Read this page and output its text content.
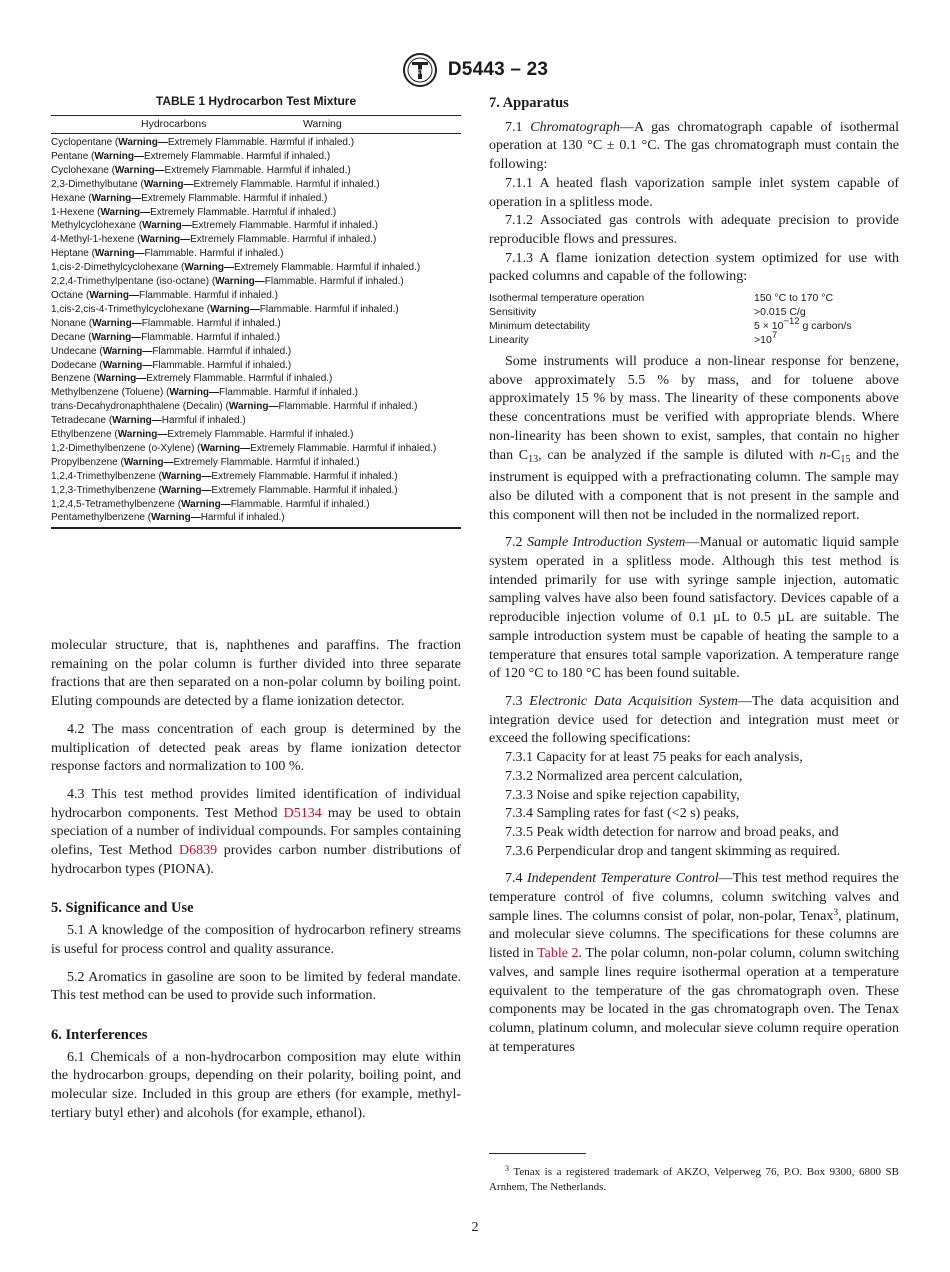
ASTM D5443 – 23
TABLE 1 Hydrocarbon Test Mixture
Hydrocarbons	Warning
Cyclopentane (Warning—Extremely Flammable. Harmful if inhaled.)
Pentane (Warning—Extremely Flammable. Harmful if inhaled.)
Cyclohexane (Warning—Extremely Flammable. Harmful if inhaled.)
2,3-Dimethylbutane (Warning—Extremely Flammable. Harmful if inhaled.)
Hexane (Warning—Extremely Flammable. Harmful if inhaled.)
1-Hexene (Warning—Extremely Flammable. Harmful if inhaled.)
Methylcyclohexane (Warning—Extremely Flammable. Harmful if inhaled.)
4-Methyl-1-hexene (Warning—Extremely Flammable. Harmful if inhaled.)
Heptane (Warning—Flammable. Harmful if inhaled.)
1,cis-2-Dimethylcyclohexane (Warning—Extremely Flammable. Harmful if inhaled.)
2,2,4-Trimethylpentane (iso-octane) (Warning—Flammable. Harmful if inhaled.)
Octane (Warning—Flammable. Harmful if inhaled.)
1,cis-2,cis-4-Trimethylcyclohexane (Warning—Flammable. Harmful if inhaled.)
Nonane (Warning—Flammable. Harmful if inhaled.)
Decane (Warning—Flammable. Harmful if inhaled.)
Undecane (Warning—Flammable. Harmful if inhaled.)
Dodecane (Warning—Flammable. Harmful if inhaled.)
Benzene (Warning—Extremely Flammable. Harmful if inhaled.)
Methylbenzene (Toluene) (Warning—Flammable. Harmful if inhaled.)
trans-Decahydronaphthalene (Decalin) (Warning—Flammable. Harmful if inhaled.)
Tetradecane (Warning—Harmful if inhaled.)
Ethylbenzene (Warning—Extremely Flammable. Harmful if inhaled.)
1,2-Dimethylbenzene (o-Xylene) (Warning—Extremely Flammable. Harmful if inhaled.)
Propylbenzene (Warning—Extremely Flammable. Harmful if inhaled.)
1,2,4-Trimethylbenzene (Warning—Extremely Flammable. Harmful if inhaled.)
1,2,3-Trimethylbenzene (Warning—Extremely Flammable. Harmful if inhaled.)
1,2,4,5-Tetramethylbenzene (Warning—Flammable. Harmful if inhaled.)
Pentamethylbenzene (Warning—Harmful if inhaled.)

molecular structure, that is, naphthenes and paraffins. The fraction remaining on the polar column is further divided into three separate fractions that are then separated on a non-polar column by boiling point. Eluting compounds are detected by a flame ionization detector.

4.2 The mass concentration of each group is determined by the multiplication of detected peak areas by flame ionization detector response factors and normalization to 100 %.

4.3 This test method provides limited identification of individual hydrocarbon components. Test Method D5134 may be used to obtain speciation of a number of individual compounds. For samples containing olefins, Test Method D6839 provides carbon number distributions of hydrocarbon types (PIONA).

5. Significance and Use

5.1 A knowledge of the composition of hydrocarbon refinery streams is useful for process control and quality assurance.

5.2 Aromatics in gasoline are soon to be limited by federal mandate. This test method can be used to provide such information.

6. Interferences

6.1 Chemicals of a non-hydrocarbon composition may elute within the hydrocarbon groups, depending on their polarity, boiling point, and molecular size. Included in this group are ethers (for example, methyl-tertiary butyl ether) and alcohols (for example, ethanol).

7. Apparatus

7.1 Chromatograph—A gas chromatograph capable of isothermal operation at 130 °C ± 0.1 °C. The gas chromatograph must contain the following:

7.1.1 A heated flash vaporization sample inlet system capable of operation in a splitless mode.

7.1.2 Associated gas controls with adequate precision to provide reproducible flows and pressures.

7.1.3 A flame ionization detection system optimized for use with packed columns and capable of the following:

Isothermal temperature operation	150 °C to 170 °C
Sensitivity	>0.015 C/g
Minimum detectability	5 × 10−12 g carbon/s
Linearity	>107

Some instruments will produce a non-linear response for benzene, above approximately 5.5 % by mass, and for toluene above approximately 15 % by mass. The linearity of these components above these concentrations must be verified with appropriate blends. Where non-linearity has been shown to exist, samples, that contain no higher than $C_{13}$, can be analyzed if the sample is diluted with $n-C_{15}$ and the instrument is equipped with a prefractionating column. The sample may also be diluted with a component that is not present in the sample and this component will then not be included in the normalized report.

7.2 Sample Introduction System—Manual or automatic liquid sample system operated in a splitless mode. Although this test method is intended primarily for use with syringe sample injection, automatic sampling valves have also been found satisfactory. Devices capable of a reproducible injection volume of 0.1 µL to 0.5 µL are suitable. The sample introduction system must be capable of heating the sample to a temperature that ensures total sample vaporization. A temperature range of 120 °C to 180 °C has been found suitable.

7.3 Electronic Data Acquisition System—The data acquisition and integration device used for detection and integration must meet or exceed the following specifications:

7.3.1 Capacity for at least 75 peaks for each analysis,

7.3.2 Normalized area percent calculation,

7.3.3 Noise and spike rejection capability,

7.3.4 Sampling rates for fast (<2 s) peaks,

7.3.5 Peak width detection for narrow and broad peaks, and

7.3.6 Perpendicular drop and tangent skimming as required.

7.4 Independent Temperature Control—This test method requires the temperature control of five columns, column switching valves and sample lines. The columns consist of polar, non-polar, Tenax$^3$, platinum, and molecular sieve columns. The specifications for these columns are listed in Table 2. The polar column, non-polar column, column switching valves, and sample lines require isothermal operation at a temperature equivalent to the temperature of the gas chromatograph oven. These components may be located in the gas chromatograph oven. The Tenax column, platinum column, and molecular sieve column require operation at temperatures

$^3$ Tenax is a registered trademark of AKZO, Velperweg 76, P.O. Box 9300, 6800 SB Arnhem, The Netherlands.
2
